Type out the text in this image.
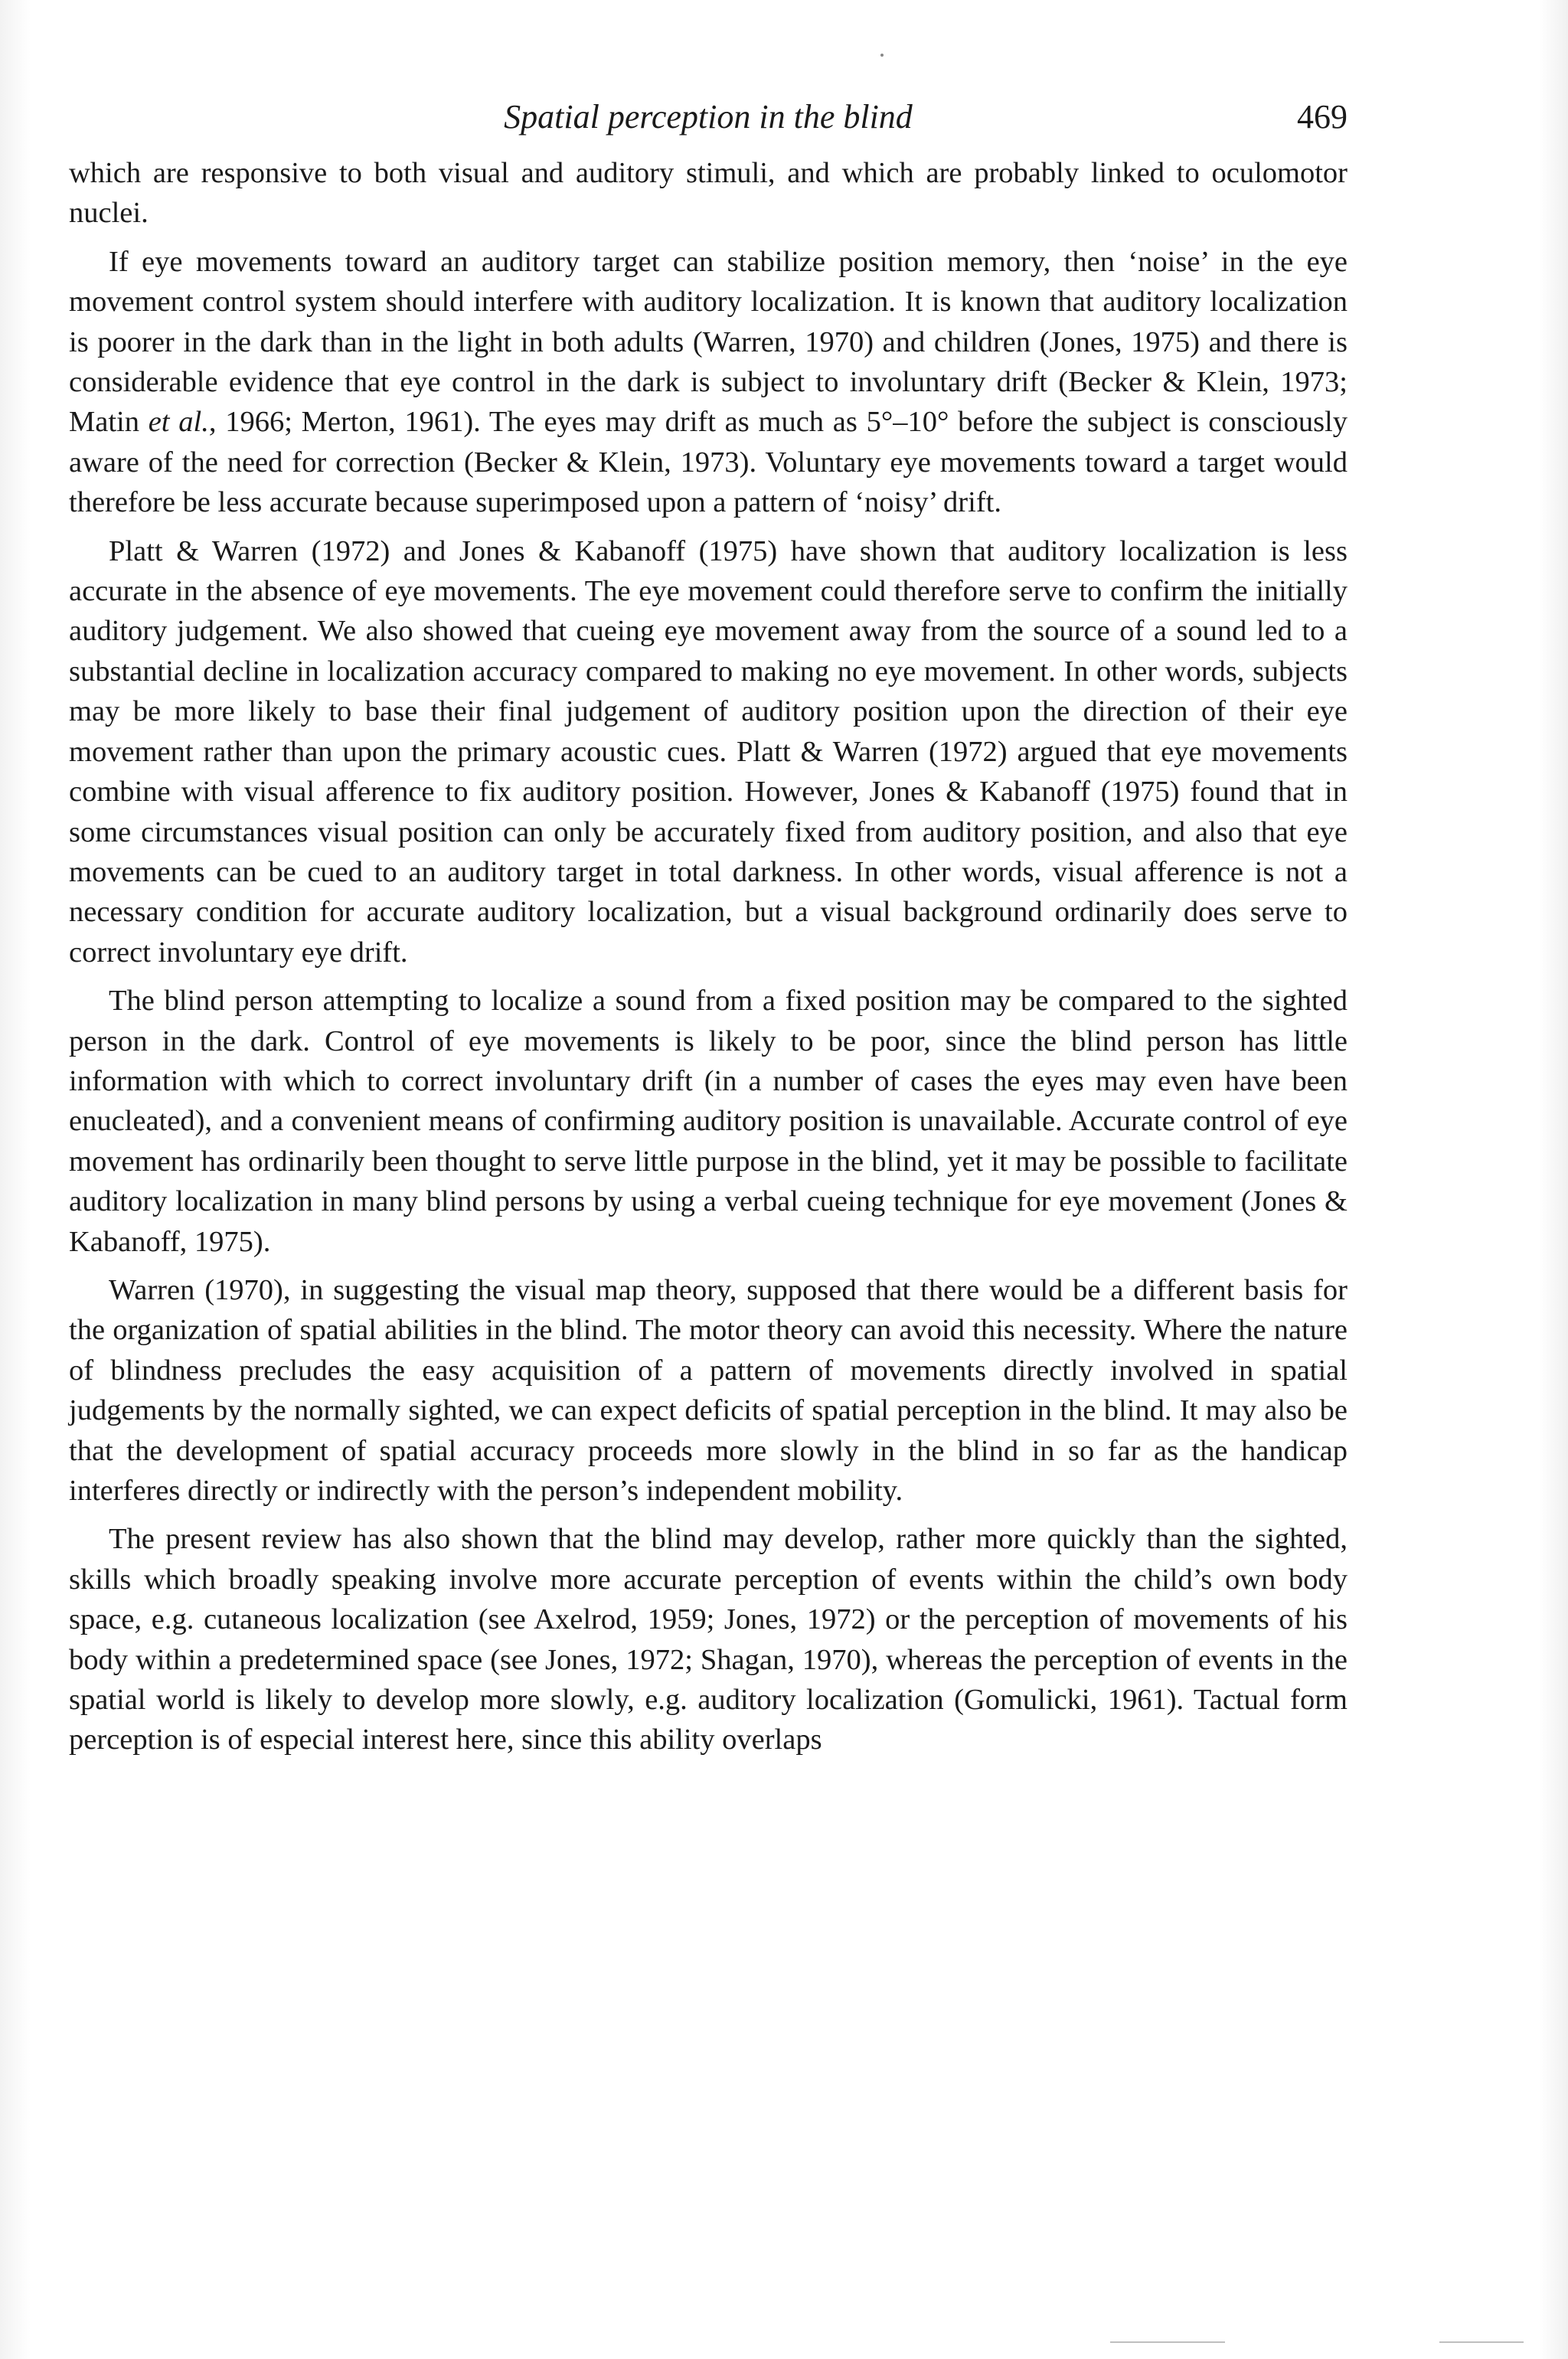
Spatial perception in the blind	469

which are responsive to both visual and auditory stimuli, and which are probably linked to oculomotor nuclei.

If eye movements toward an auditory target can stabilize position memory, then ‘noise’ in the eye movement control system should interfere with auditory localization. It is known that auditory localization is poorer in the dark than in the light in both adults (Warren, 1970) and children (Jones, 1975) and there is considerable evidence that eye control in the dark is subject to involuntary drift (Becker & Klein, 1973; Matin et al., 1966; Merton, 1961). The eyes may drift as much as 5°–10° before the subject is consciously aware of the need for correction (Becker & Klein, 1973). Voluntary eye movements toward a target would therefore be less accurate because superimposed upon a pattern of ‘noisy’ drift.

Platt & Warren (1972) and Jones & Kabanoff (1975) have shown that auditory localization is less accurate in the absence of eye movements. The eye movement could therefore serve to confirm the initially auditory judgement. We also showed that cueing eye movement away from the source of a sound led to a substantial decline in localization accuracy compared to making no eye movement. In other words, subjects may be more likely to base their final judgement of auditory position upon the direction of their eye movement rather than upon the primary acoustic cues. Platt & Warren (1972) argued that eye movements combine with visual afference to fix auditory position. However, Jones & Kabanoff (1975) found that in some circumstances visual position can only be accurately fixed from auditory position, and also that eye movements can be cued to an auditory target in total darkness. In other words, visual afference is not a necessary condition for accurate auditory localization, but a visual background ordinarily does serve to correct involuntary eye drift.

The blind person attempting to localize a sound from a fixed position may be compared to the sighted person in the dark. Control of eye movements is likely to be poor, since the blind person has little information with which to correct involuntary drift (in a number of cases the eyes may even have been enucleated), and a convenient means of confirming auditory position is unavailable. Accurate control of eye movement has ordinarily been thought to serve little purpose in the blind, yet it may be possible to facilitate auditory localization in many blind persons by using a verbal cueing technique for eye movement (Jones & Kabanoff, 1975).

Warren (1970), in suggesting the visual map theory, supposed that there would be a different basis for the organization of spatial abilities in the blind. The motor theory can avoid this necessity. Where the nature of blindness precludes the easy acquisition of a pattern of movements directly involved in spatial judgements by the normally sighted, we can expect deficits of spatial perception in the blind. It may also be that the development of spatial accuracy proceeds more slowly in the blind in so far as the handicap interferes directly or indirectly with the person’s independent mobility.

The present review has also shown that the blind may develop, rather more quickly than the sighted, skills which broadly speaking involve more accurate perception of events within the child’s own body space, e.g. cutaneous localization (see Axelrod, 1959; Jones, 1972) or the perception of movements of his body within a predetermined space (see Jones, 1972; Shagan, 1970), whereas the perception of events in the spatial world is likely to develop more slowly, e.g. auditory localization (Gomulicki, 1961). Tactual form perception is of especial interest here, since this ability overlaps
